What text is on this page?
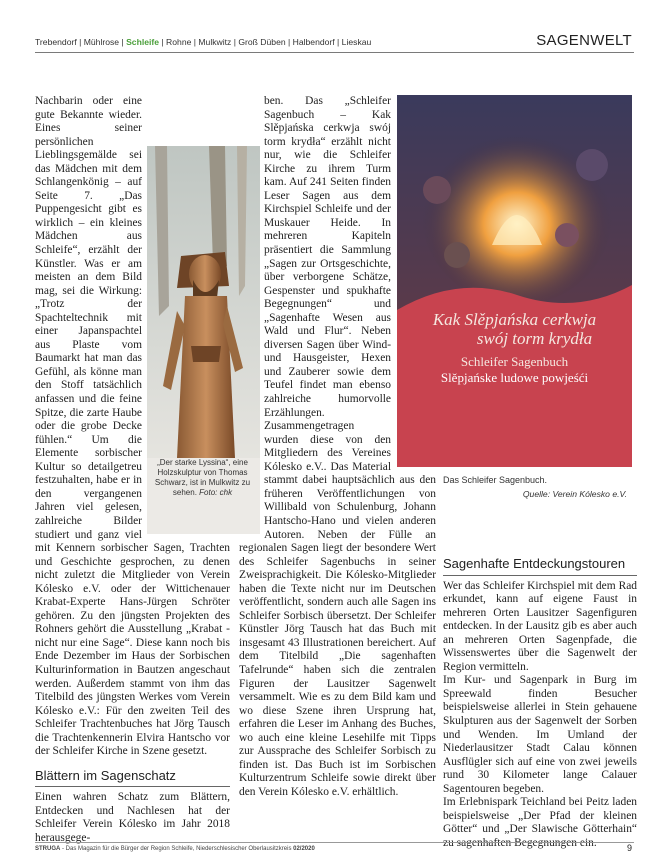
Trebendorf | Mühlrose | Schleife | Rohne | Mulkwitz | Groß Düben | Halbendorf | Lieskau	SAGENWELT
„Der starke Lyssina“, eine Holzskulptur von Thomas Schwarz, ist in Mulkwitz zu sehen. Foto: chk

Nachbarin oder eine gute Bekannte wieder. Eines seiner persönlichen Lieblingsgemälde sei das Mädchen mit dem Schlangenkönig – auf Seite 7. „Das Puppengesicht gibt es wirklich – ein kleines Mädchen aus Schleife“, erzählt der Künstler. Was er am meisten an dem Bild mag, sei die Wirkung: „Trotz der Spachteltechnik mit einer Japanspachtel aus Plaste vom Baumarkt hat man das Gefühl, als könne man den Stoff tatsächlich anfassen und die feine Spitze, die zarte Haube oder die grobe Decke fühlen.“ Um die Elemente sorbischer Kultur so detailgetreu festzuhalten, habe er in den vergangenen Jahren viel gelesen, zahlreiche Bilder studiert und ganz viel mit Kennern sorbischer Sagen, Trachten und Geschichte gesprochen, zu denen nicht zuletzt die Mitglieder von Verein Kólesko e.V. oder der Wittichenauer Krabat-Experte Hans-Jürgen Schröter gehören. Zu den jüngsten Projekten des Rohners gehört die Ausstellung „Krabat - nicht nur eine Sage“. Diese kann noch bis Ende Dezember im Haus der Sorbischen Kulturinformation in Bautzen angeschaut werden. Außerdem stammt von ihm das Titelbild des jüngsten Werkes vom Verein Kólesko e.V.: Für den zweiten Teil des Schleifer Trachtenbuches hat Jörg Tausch die Trachtenkennerin Elvira Hantscho vor der Schleifer Kirche in Szene gesetzt.

Blättern im Sagenschatz

Einen wahren Schatz zum Blättern, Entdecken und Nachlesen hat der Schleifer Verein Kólesko im Jahr 2018 herausgege-

ben. Das „Schleifer Sagenbuch – Kak Slěpjańska cerkwja swój torm krydła“ erzählt nicht nur, wie die Schleifer Kirche zu ihrem Turm kam. Auf 241 Seiten finden Leser Sagen aus dem Kirchspiel Schleife und der Muskauer Heide. In mehreren Kapiteln präsentiert die Sammlung „Sagen zur Ortsgeschichte, über verborgene Schätze, Gespenster und spukhafte Begegnungen“ und „Sagenhafte Wesen aus Wald und Flur“. Neben diversen Sagen über Wind- und Hausgeister, Hexen und Zauberer sowie dem Teufel findet man ebenso zahlreiche humorvolle Erzählungen. Zusammengetragen wurden diese von den Mitgliedern des Vereines Kólesko e.V.. Das Material stammt dabei hauptsächlich aus den früheren Veröffentlichungen von Willibald von Schulenburg, Johann Hantscho-Hano und vielen anderen Autoren. Neben der Fülle an regionalen Sagen liegt der besondere Wert des Schleifer Sagenbuchs in seiner Zweisprachigkeit. Die Kólesko-Mitglieder haben die Texte nicht nur im Deutschen veröffentlicht, sondern auch alle Sagen ins Schleifer Sorbisch übersetzt. Der Schleifer Künstler Jörg Tausch hat das Buch mit insgesamt 43 Illustrationen bereichert. Auf dem Titelbild „Die sagenhaften Tafelrunde“ haben sich die zentralen Figuren der Lausitzer Sagenwelt versammelt. Wie es zu dem Bild kam und wo diese Szene ihren Ursprung hat, erfahren die Leser im Anhang des Buches, wo auch eine kleine Lesehilfe mit Tipps zur Aussprache des Schleifer Sorbisch zu finden ist. Das Buch ist im Sorbischen Kulturzentrum Schleife sowie direkt über den Verein Kólesko e.V. erhältlich.

Kak Slěpjańska cerkwja
swój torm krydła
Schleifer Sagenbuch
Slěpjańske ludowe powjeśći
Das Schleifer Sagenbuch.
Quelle: Verein Kólesko e.V.
Sagenhafte Entdeckungstouren

Wer das Schleifer Kirchspiel mit dem Rad erkundet, kann auf eigene Faust in mehreren Orten Lausitzer Sagenfiguren entdecken. In der Lausitz gib es aber auch an mehreren Orten Sagenpfade, die Wissenswertes über die Sagenwelt der Region vermitteln.

Im Kur- und Sagenpark in Burg im Spreewald finden Besucher beispielsweise allerlei in Stein gehauene Skulpturen aus der Sagenwelt der Sorben und Wenden. Im Umland der Niederlausitzer Stadt Calau können Ausflügler sich auf eine von zwei jeweils rund 30 Kilometer lange Calauer Sagentouren begeben.

Im Erlebnispark Teichland bei Peitz laden beispielsweise „Der Pfad der kleinen Götter“ und „Der Slawische Götterhain“ zu sagenhaften Begegnungen ein.

STRUGA - Das Magazin für die Bürger der Region Schleife, Niederschlesischer Oberlausitzkreis 02/2020	9
